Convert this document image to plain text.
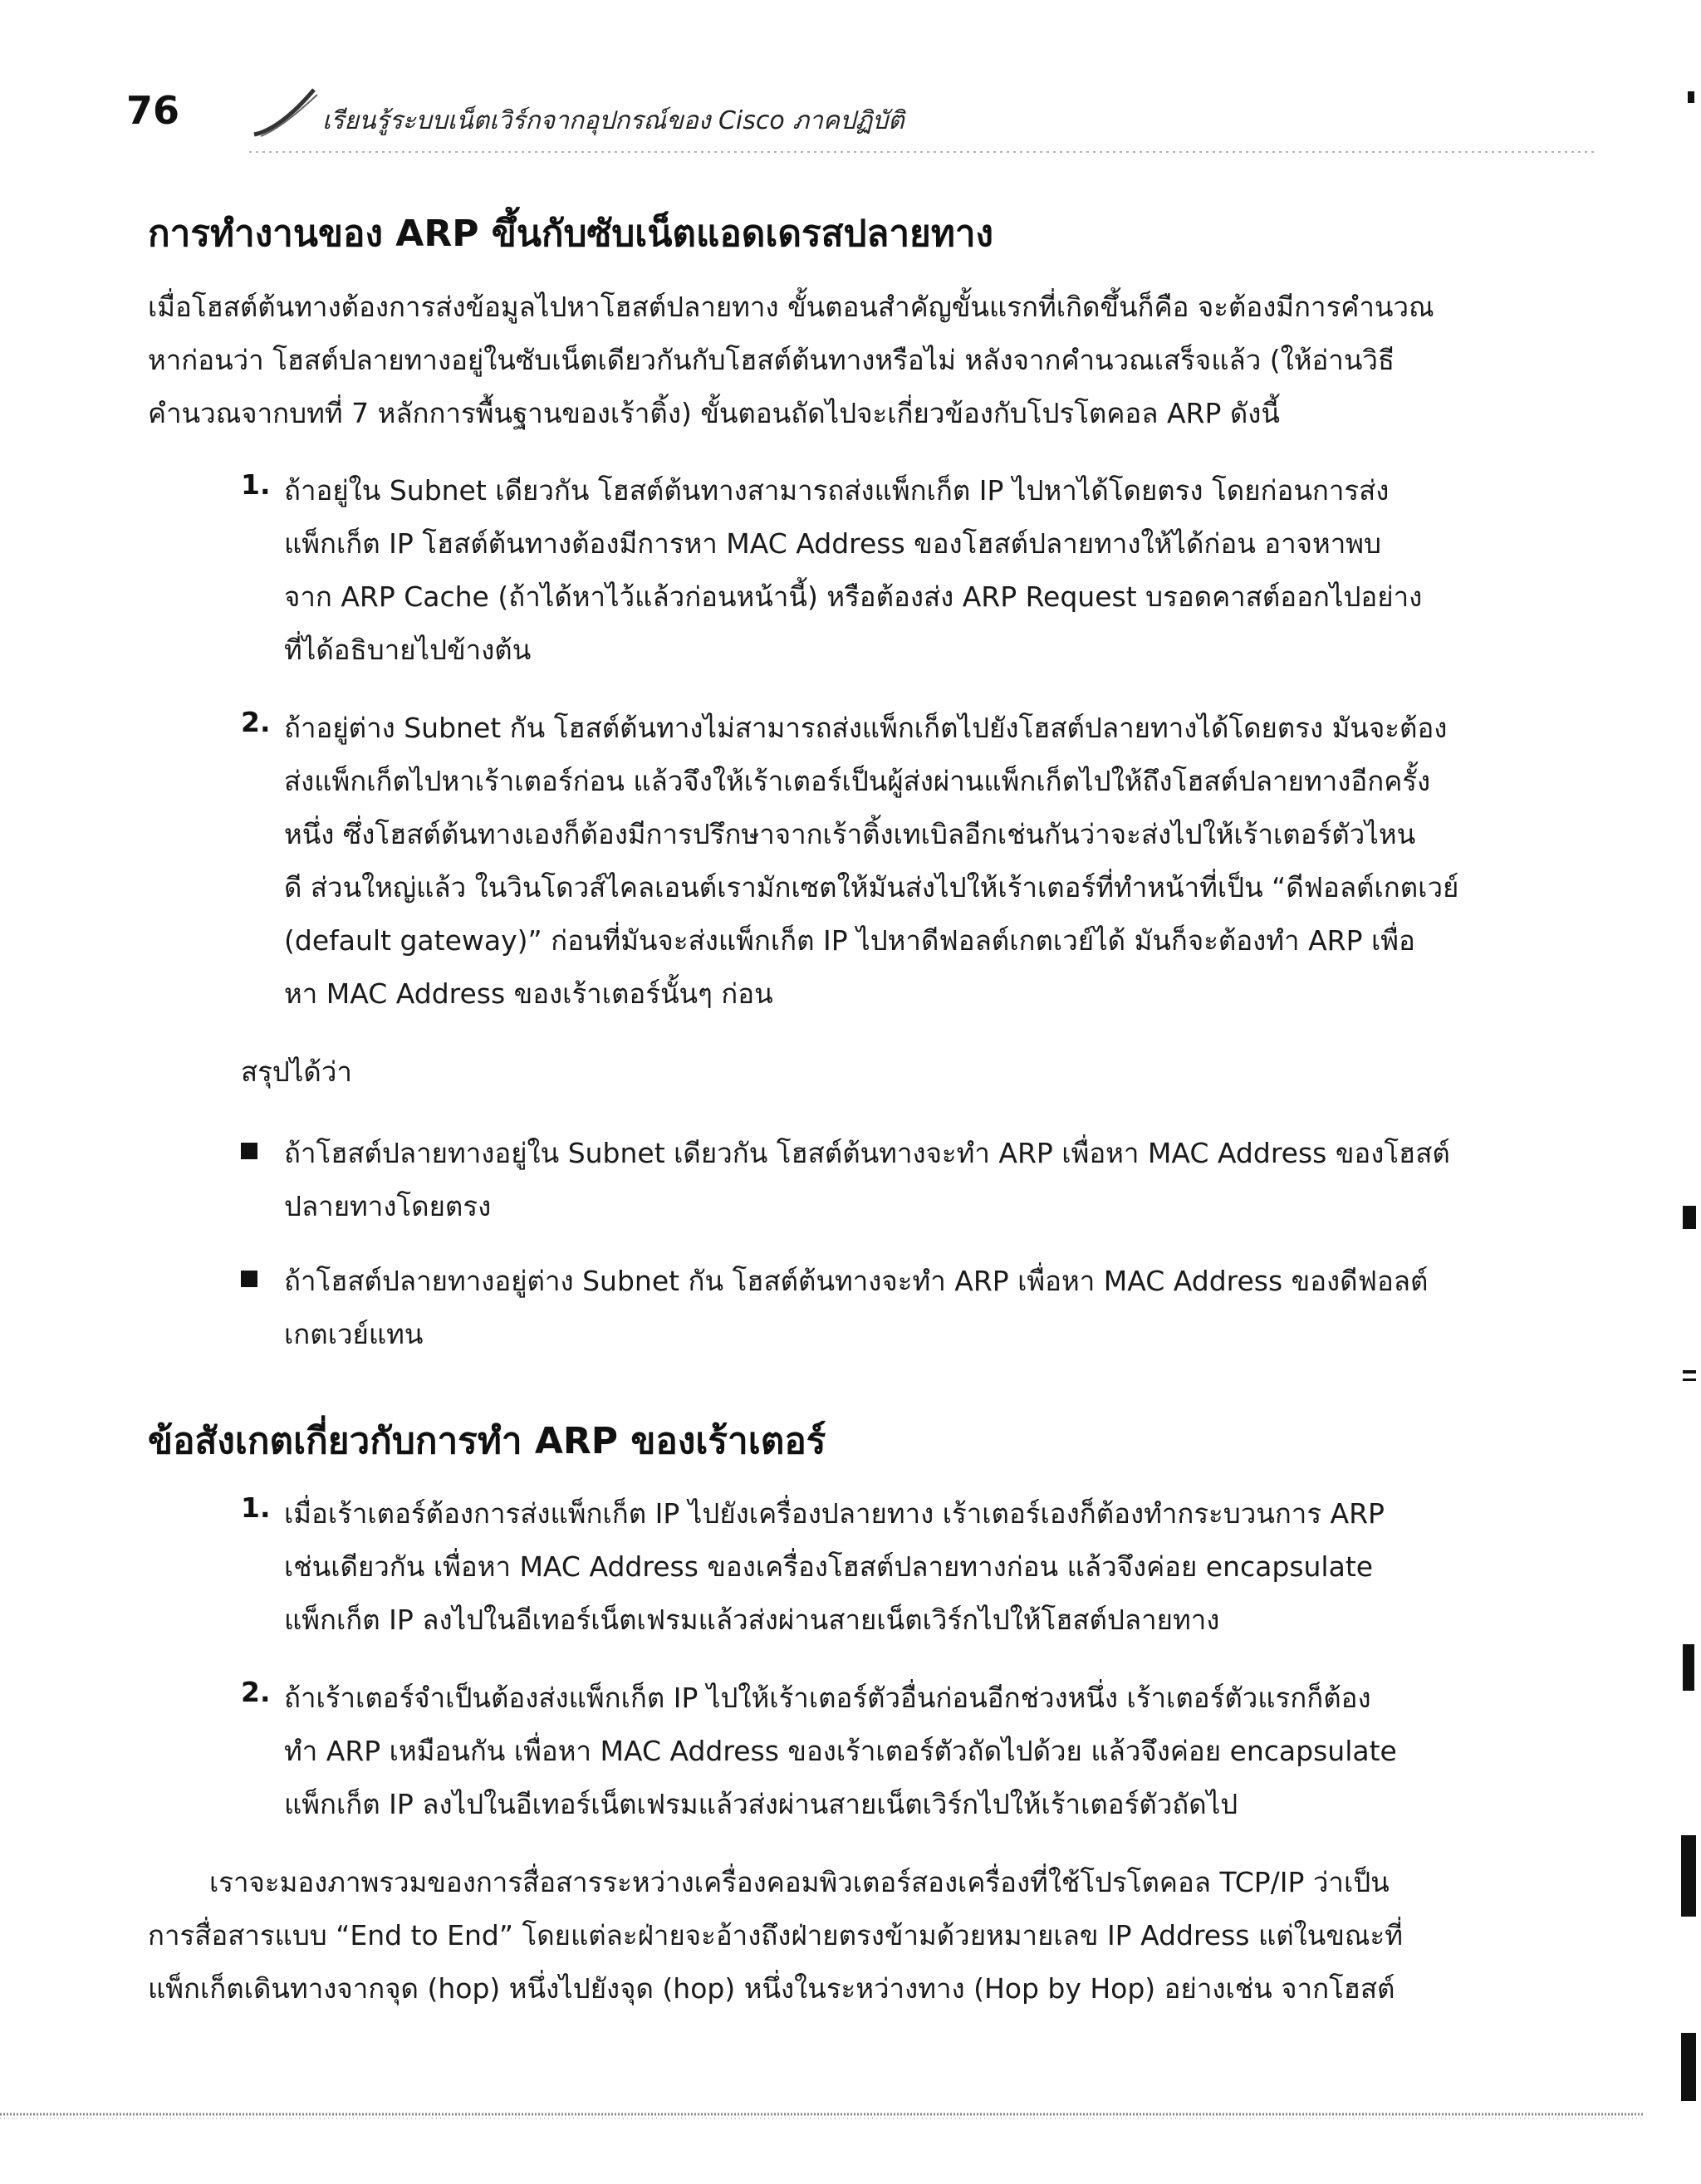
76	เรียนรู้ระบบเน็ตเวิร์กจากอุปกรณ์ของ Cisco ภาคปฏิบัติ
การทำงานของ ARP ขึ้นกับซับเน็ตแอดเดรสปลายทาง

เมื่อโฮสต์ต้นทางต้องการส่งข้อมูลไปหาโฮสต์ปลายทาง ขั้นตอนสำคัญขั้นแรกที่เกิดขึ้นก็คือ จะต้องมีการคำนวณ

หาก่อนว่า โฮสต์ปลายทางอยู่ในซับเน็ตเดียวกันกับโฮสต์ต้นทางหรือไม่ หลังจากคำนวณเสร็จแล้ว (ให้อ่านวิธี

คำนวณจากบทที่ 7 หลักการพื้นฐานของเร้าติ้ง) ขั้นตอนถัดไปจะเกี่ยวข้องกับโปรโตคอล ARP ดังนี้

1. ถ้าอยู่ใน Subnet เดียวกัน โฮสต์ต้นทางสามารถส่งแพ็กเก็ต IP ไปหาได้โดยตรง โดยก่อนการส่ง

แพ็กเก็ต IP โฮสต์ต้นทางต้องมีการหา MAC Address ของโฮสต์ปลายทางให้ได้ก่อน อาจหาพบ

จาก ARP Cache (ถ้าได้หาไว้แล้วก่อนหน้านี้) หรือต้องส่ง ARP Request บรอดคาสต์ออกไปอย่าง

ที่ได้อธิบายไปข้างต้น

2. ถ้าอยู่ต่าง Subnet กัน โฮสต์ต้นทางไม่สามารถส่งแพ็กเก็ตไปยังโฮสต์ปลายทางได้โดยตรง มันจะต้อง

ส่งแพ็กเก็ตไปหาเร้าเตอร์ก่อน แล้วจึงให้เร้าเตอร์เป็นผู้ส่งผ่านแพ็กเก็ตไปให้ถึงโฮสต์ปลายทางอีกครั้ง

หนึ่ง ซึ่งโฮสต์ต้นทางเองก็ต้องมีการปรึกษาจากเร้าติ้งเทเบิลอีกเช่นกันว่าจะส่งไปให้เร้าเตอร์ตัวไหน

ดี ส่วนใหญ่แล้ว ในวินโดวส์ไคลเอนต์เรามักเซตให้มันส่งไปให้เร้าเตอร์ที่ทำหน้าที่เป็น “ดีฟอลต์เกตเวย์

(default gateway)” ก่อนที่มันจะส่งแพ็กเก็ต IP ไปหาดีฟอลต์เกตเวย์ได้ มันก็จะต้องทำ ARP เพื่อ

หา MAC Address ของเร้าเตอร์นั้นๆ ก่อน

สรุปได้ว่า

ถ้าโฮสต์ปลายทางอยู่ใน Subnet เดียวกัน โฮสต์ต้นทางจะทำ ARP เพื่อหา MAC Address ของโฮสต์

ปลายทางโดยตรง

ถ้าโฮสต์ปลายทางอยู่ต่าง Subnet กัน โฮสต์ต้นทางจะทำ ARP เพื่อหา MAC Address ของดีฟอลต์

เกตเวย์แทน

ข้อสังเกตเกี่ยวกับการทำ ARP ของเร้าเตอร์
1. เมื่อเร้าเตอร์ต้องการส่งแพ็กเก็ต IP ไปยังเครื่องปลายทาง เร้าเตอร์เองก็ต้องทำกระบวนการ ARP

เช่นเดียวกัน เพื่อหา MAC Address ของเครื่องโฮสต์ปลายทางก่อน แล้วจึงค่อย encapsulate

แพ็กเก็ต IP ลงไปในอีเทอร์เน็ตเฟรมแล้วส่งผ่านสายเน็ตเวิร์กไปให้โฮสต์ปลายทาง

2. ถ้าเร้าเตอร์จำเป็นต้องส่งแพ็กเก็ต IP ไปให้เร้าเตอร์ตัวอื่นก่อนอีกช่วงหนึ่ง เร้าเตอร์ตัวแรกก็ต้อง

ทำ ARP เหมือนกัน เพื่อหา MAC Address ของเร้าเตอร์ตัวถัดไปด้วย แล้วจึงค่อย encapsulate

แพ็กเก็ต IP ลงไปในอีเทอร์เน็ตเฟรมแล้วส่งผ่านสายเน็ตเวิร์กไปให้เร้าเตอร์ตัวถัดไป

เราจะมองภาพรวมของการสื่อสารระหว่างเครื่องคอมพิวเตอร์สองเครื่องที่ใช้โปรโตคอล TCP/IP ว่าเป็น

การสื่อสารแบบ “End to End” โดยแต่ละฝ่ายจะอ้างถึงฝ่ายตรงข้ามด้วยหมายเลข IP Address แต่ในขณะที่

แพ็กเก็ตเดินทางจากจุด (hop) หนึ่งไปยังจุด (hop) หนึ่งในระหว่างทาง (Hop by Hop) อย่างเช่น จากโฮสต์
